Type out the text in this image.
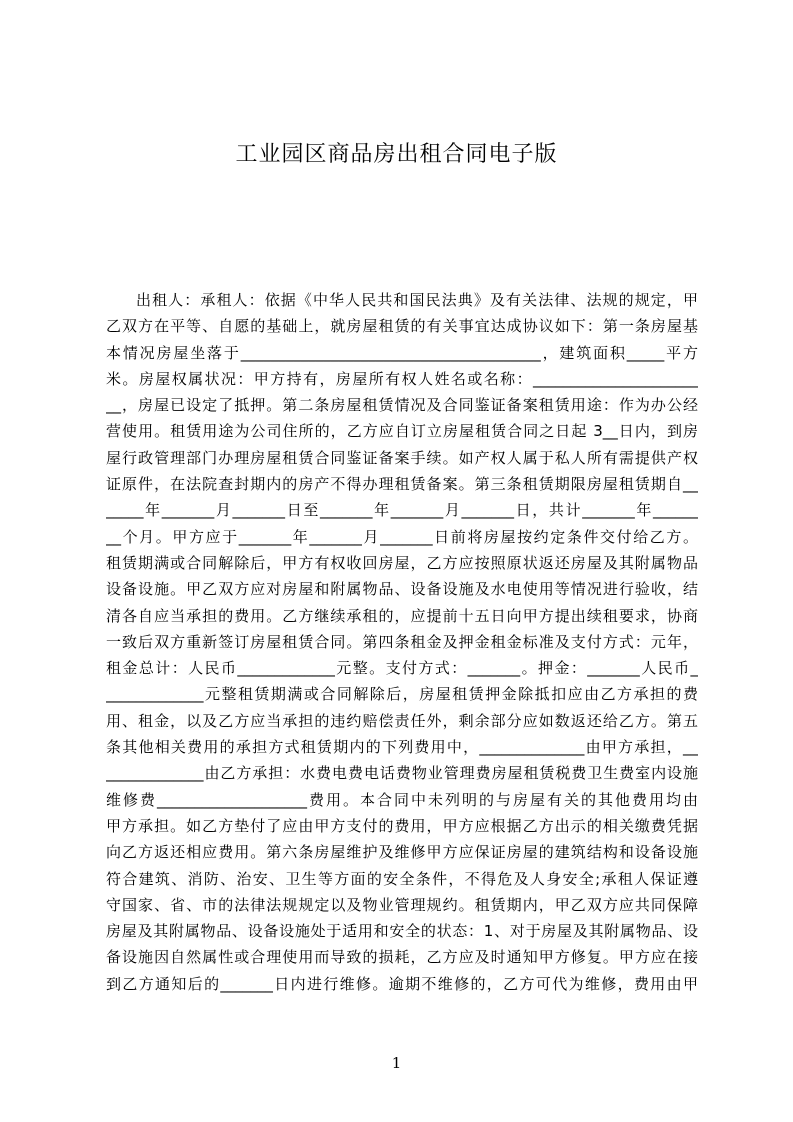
工业园区商品房出租合同电子版
出租人：承租人：依据《中华人民共和国民法典》及有关法律、法规的规定，甲
乙双方在平等、自愿的基础上，就房屋租赁的有关事宜达成协议如下：第一条房屋基
本情况房屋坐落于________________________________________，建筑面积_____平方
米。房屋权属状况：甲方持有，房屋所有权人姓名或名称：______________________
__，房屋已设定了抵押。第二条房屋租赁情况及合同鉴证备案租赁用途：作为办公经
营使用。租赁用途为公司住所的，乙方应自订立房屋租赁合同之日起 3__日内，到房
屋行政管理部门办理房屋租赁合同鉴证备案手续。如产权人属于私人所有需提供产权
证原件，在法院查封期内的房产不得办理租赁备案。第三条租赁期限房屋租赁期自__
_____年_______月_______日至_______年_______月_______日，共计_______年______
__个月。甲方应于_______年_______月_______日前将房屋按约定条件交付给乙方。
租赁期满或合同解除后，甲方有权收回房屋，乙方应按照原状返还房屋及其附属物品
设备设施。甲乙双方应对房屋和附属物品、设备设施及水电使用等情况进行验收，结
清各自应当承担的费用。乙方继续承租的，应提前十五日向甲方提出续租要求，协商
一致后双方重新签订房屋租赁合同。第四条租金及押金租金标准及支付方式：元年，
租金总计：人民币_____________元整。支付方式：_______。押金：_______人民币_
_____________元整租赁期满或合同解除后，房屋租赁押金除抵扣应由乙方承担的费
用、租金，以及乙方应当承担的违约赔偿责任外，剩余部分应如数返还给乙方。第五
条其他相关费用的承担方式租赁期内的下列费用中，______________由甲方承担，__
_____________由乙方承担：水费电费电话费物业管理费房屋租赁税费卫生费室内设施
维修费____________________费用。本合同中未列明的与房屋有关的其他费用均由
甲方承担。如乙方垫付了应由甲方支付的费用，甲方应根据乙方出示的相关缴费凭据
向乙方返还相应费用。第六条房屋维护及维修甲方应保证房屋的建筑结构和设备设施
符合建筑、消防、治安、卫生等方面的安全条件，不得危及人身安全;承租人保证遵
守国家、省、市的法律法规规定以及物业管理规约。租赁期内，甲乙双方应共同保障
房屋及其附属物品、设备设施处于适用和安全的状态：1、对于房屋及其附属物品、设
备设施因自然属性或合理使用而导致的损耗，乙方应及时通知甲方修复。甲方应在接
到乙方通知后的_______日内进行维修。逾期不维修的，乙方可代为维修，费用由甲
1
